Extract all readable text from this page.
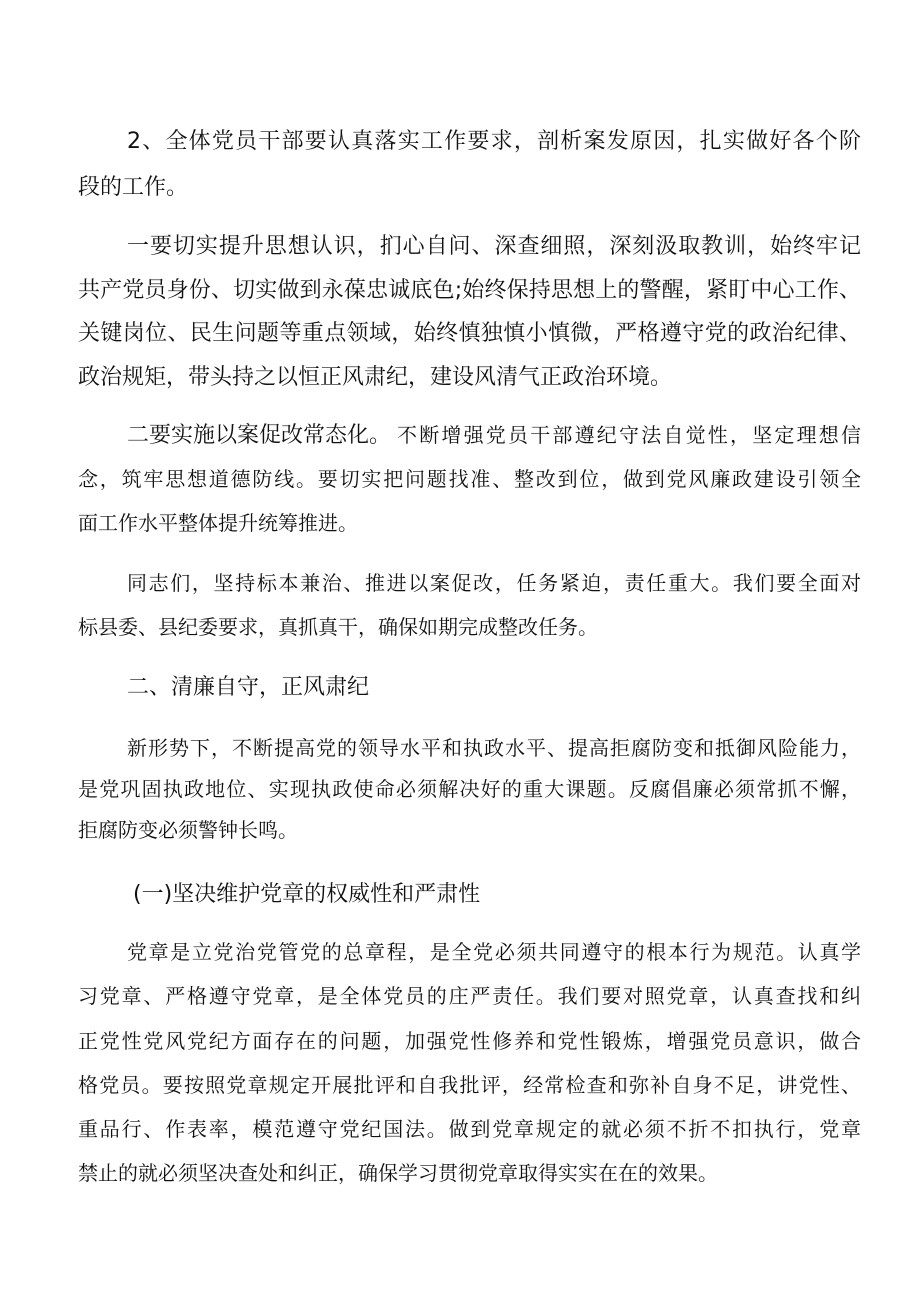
2、全体党员干部要认真落实工作要求，剖析案发原因，扎实做好各个阶
段的工作。
一要切实提升思想认识，扪心自问、深查细照，深刻汲取教训，始终牢记
共产党员身份、切实做到永葆忠诚底色;始终保持思想上的警醒，紧盯中心工作、
关键岗位、民生问题等重点领域，始终慎独慎小慎微，严格遵守党的政治纪律、
政治规矩，带头持之以恒正风肃纪，建设风清气正政治环境。
二要实施以案促改常态化。 不断增强党员干部遵纪守法自觉性，坚定理想信
念，筑牢思想道德防线。要切实把问题找准、整改到位，做到党风廉政建设引领全
面工作水平整体提升统筹推进。
同志们，坚持标本兼治、推进以案促改，任务紧迫，责任重大。我们要全面对
标县委、县纪委要求，真抓真干，确保如期完成整改任务。
二、清廉自守，正风肃纪
新形势下，不断提高党的领导水平和执政水平、提高拒腐防变和抵御风险能力，
是党巩固执政地位、实现执政使命必须解决好的重大课题。反腐倡廉必须常抓不懈，
拒腐防变必须警钟长鸣。
(一)坚决维护党章的权威性和严肃性
党章是立党治党管党的总章程，是全党必须共同遵守的根本行为规范。认真学
习党章、严格遵守党章，是全体党员的庄严责任。我们要对照党章，认真查找和纠
正党性党风党纪方面存在的问题，加强党性修养和党性锻炼，增强党员意识，做合
格党员。要按照党章规定开展批评和自我批评，经常检查和弥补自身不足，讲党性、
重品行、作表率，模范遵守党纪国法。做到党章规定的就必须不折不扣执行，党章
禁止的就必须坚决查处和纠正，确保学习贯彻党章取得实实在在的效果。
